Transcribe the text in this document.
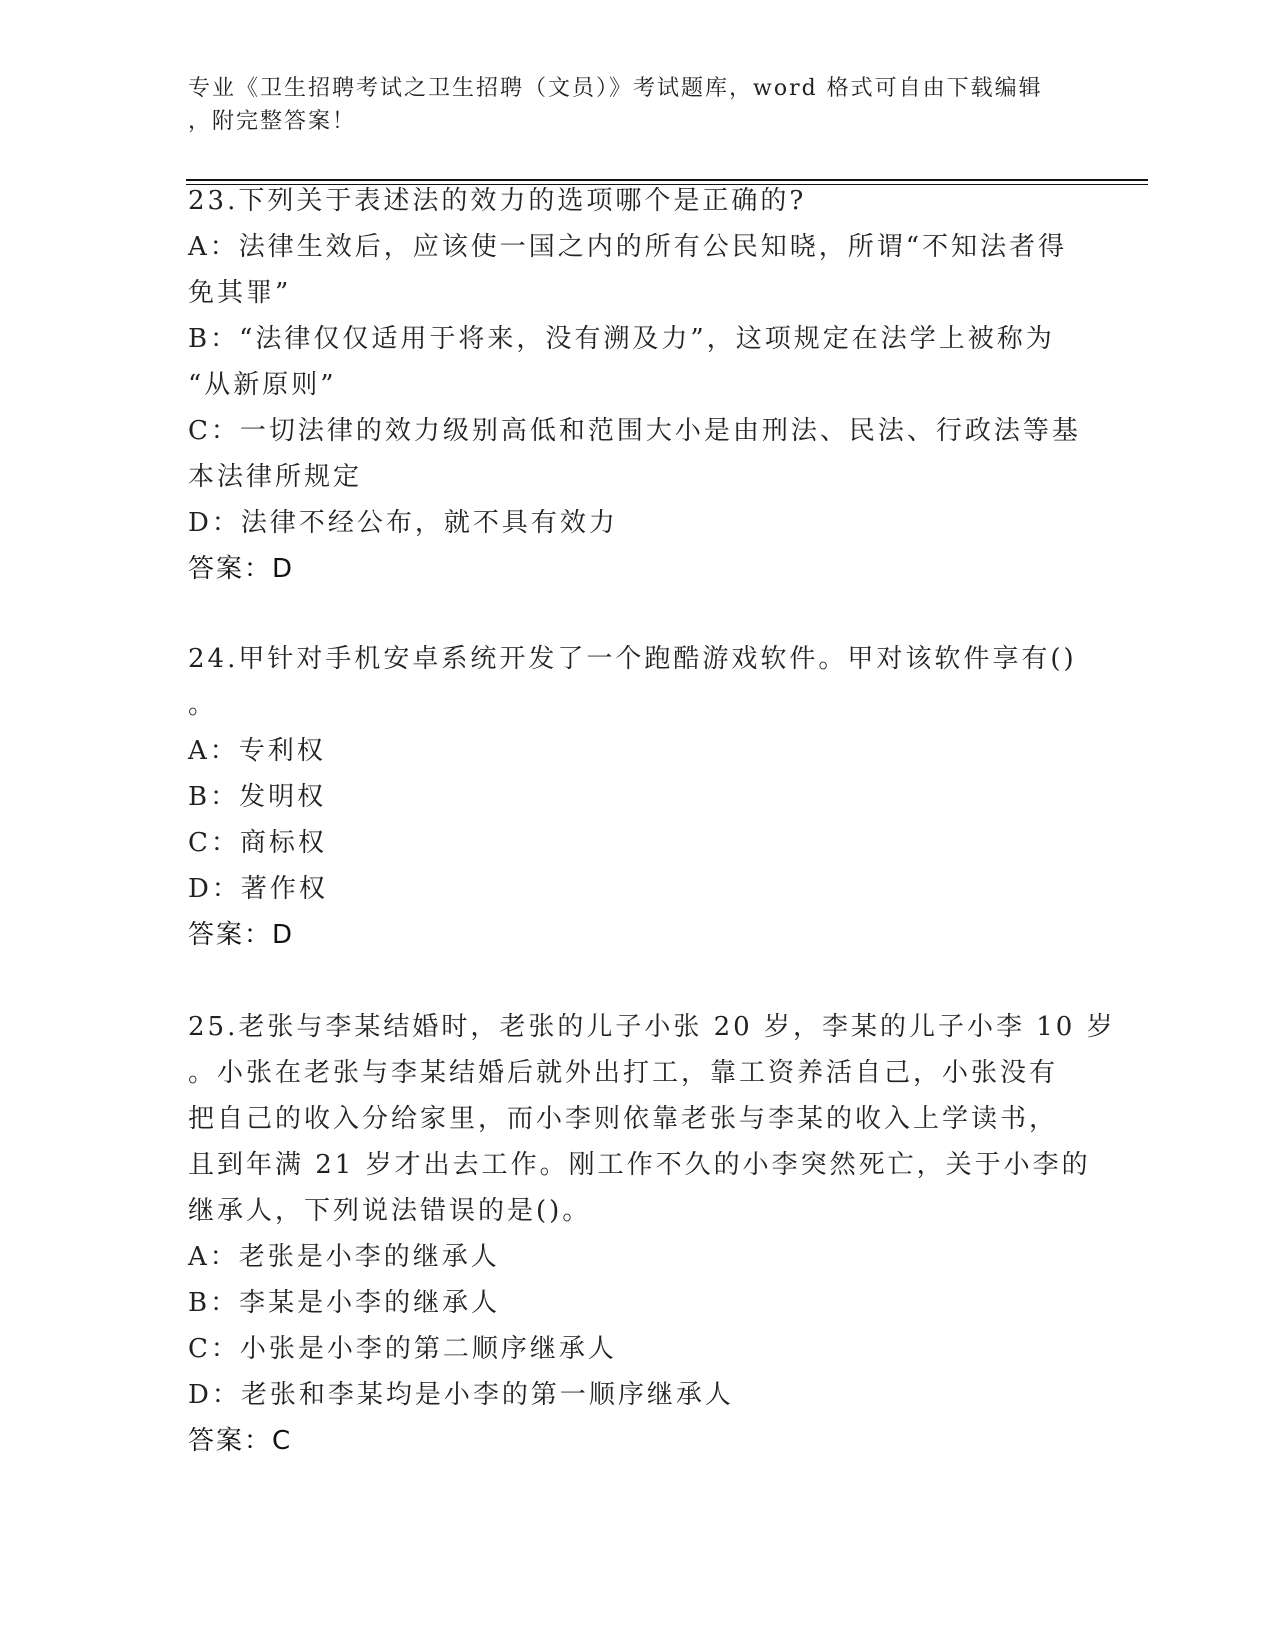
专业《卫生招聘考试之卫生招聘（文员）》考试题库，word 格式可自由下载编辑
，附完整答案！
23.下列关于表述法的效力的选项哪个是正确的?
A：法律生效后，应该使一国之内的所有公民知晓，所谓“不知法者得
免其罪”
B：“法律仅仅适用于将来，没有溯及力”，这项规定在法学上被称为
“从新原则”
C：一切法律的效力级别高低和范围大小是由刑法、民法、行政法等基
本法律所规定
D：法律不经公布，就不具有效力
答案：D
24.甲针对手机安卓系统开发了一个跑酷游戏软件。甲对该软件享有()
。
A：专利权
B：发明权
C：商标权
D：著作权
答案：D
25.老张与李某结婚时，老张的儿子小张 20 岁，李某的儿子小李 10 岁
。小张在老张与李某结婚后就外出打工，靠工资养活自己，小张没有
把自己的收入分给家里，而小李则依靠老张与李某的收入上学读书，
且到年满 21 岁才出去工作。刚工作不久的小李突然死亡，关于小李的
继承人，下列说法错误的是()。
A：老张是小李的继承人
B：李某是小李的继承人
C：小张是小李的第二顺序继承人
D：老张和李某均是小李的第一顺序继承人
答案：C
